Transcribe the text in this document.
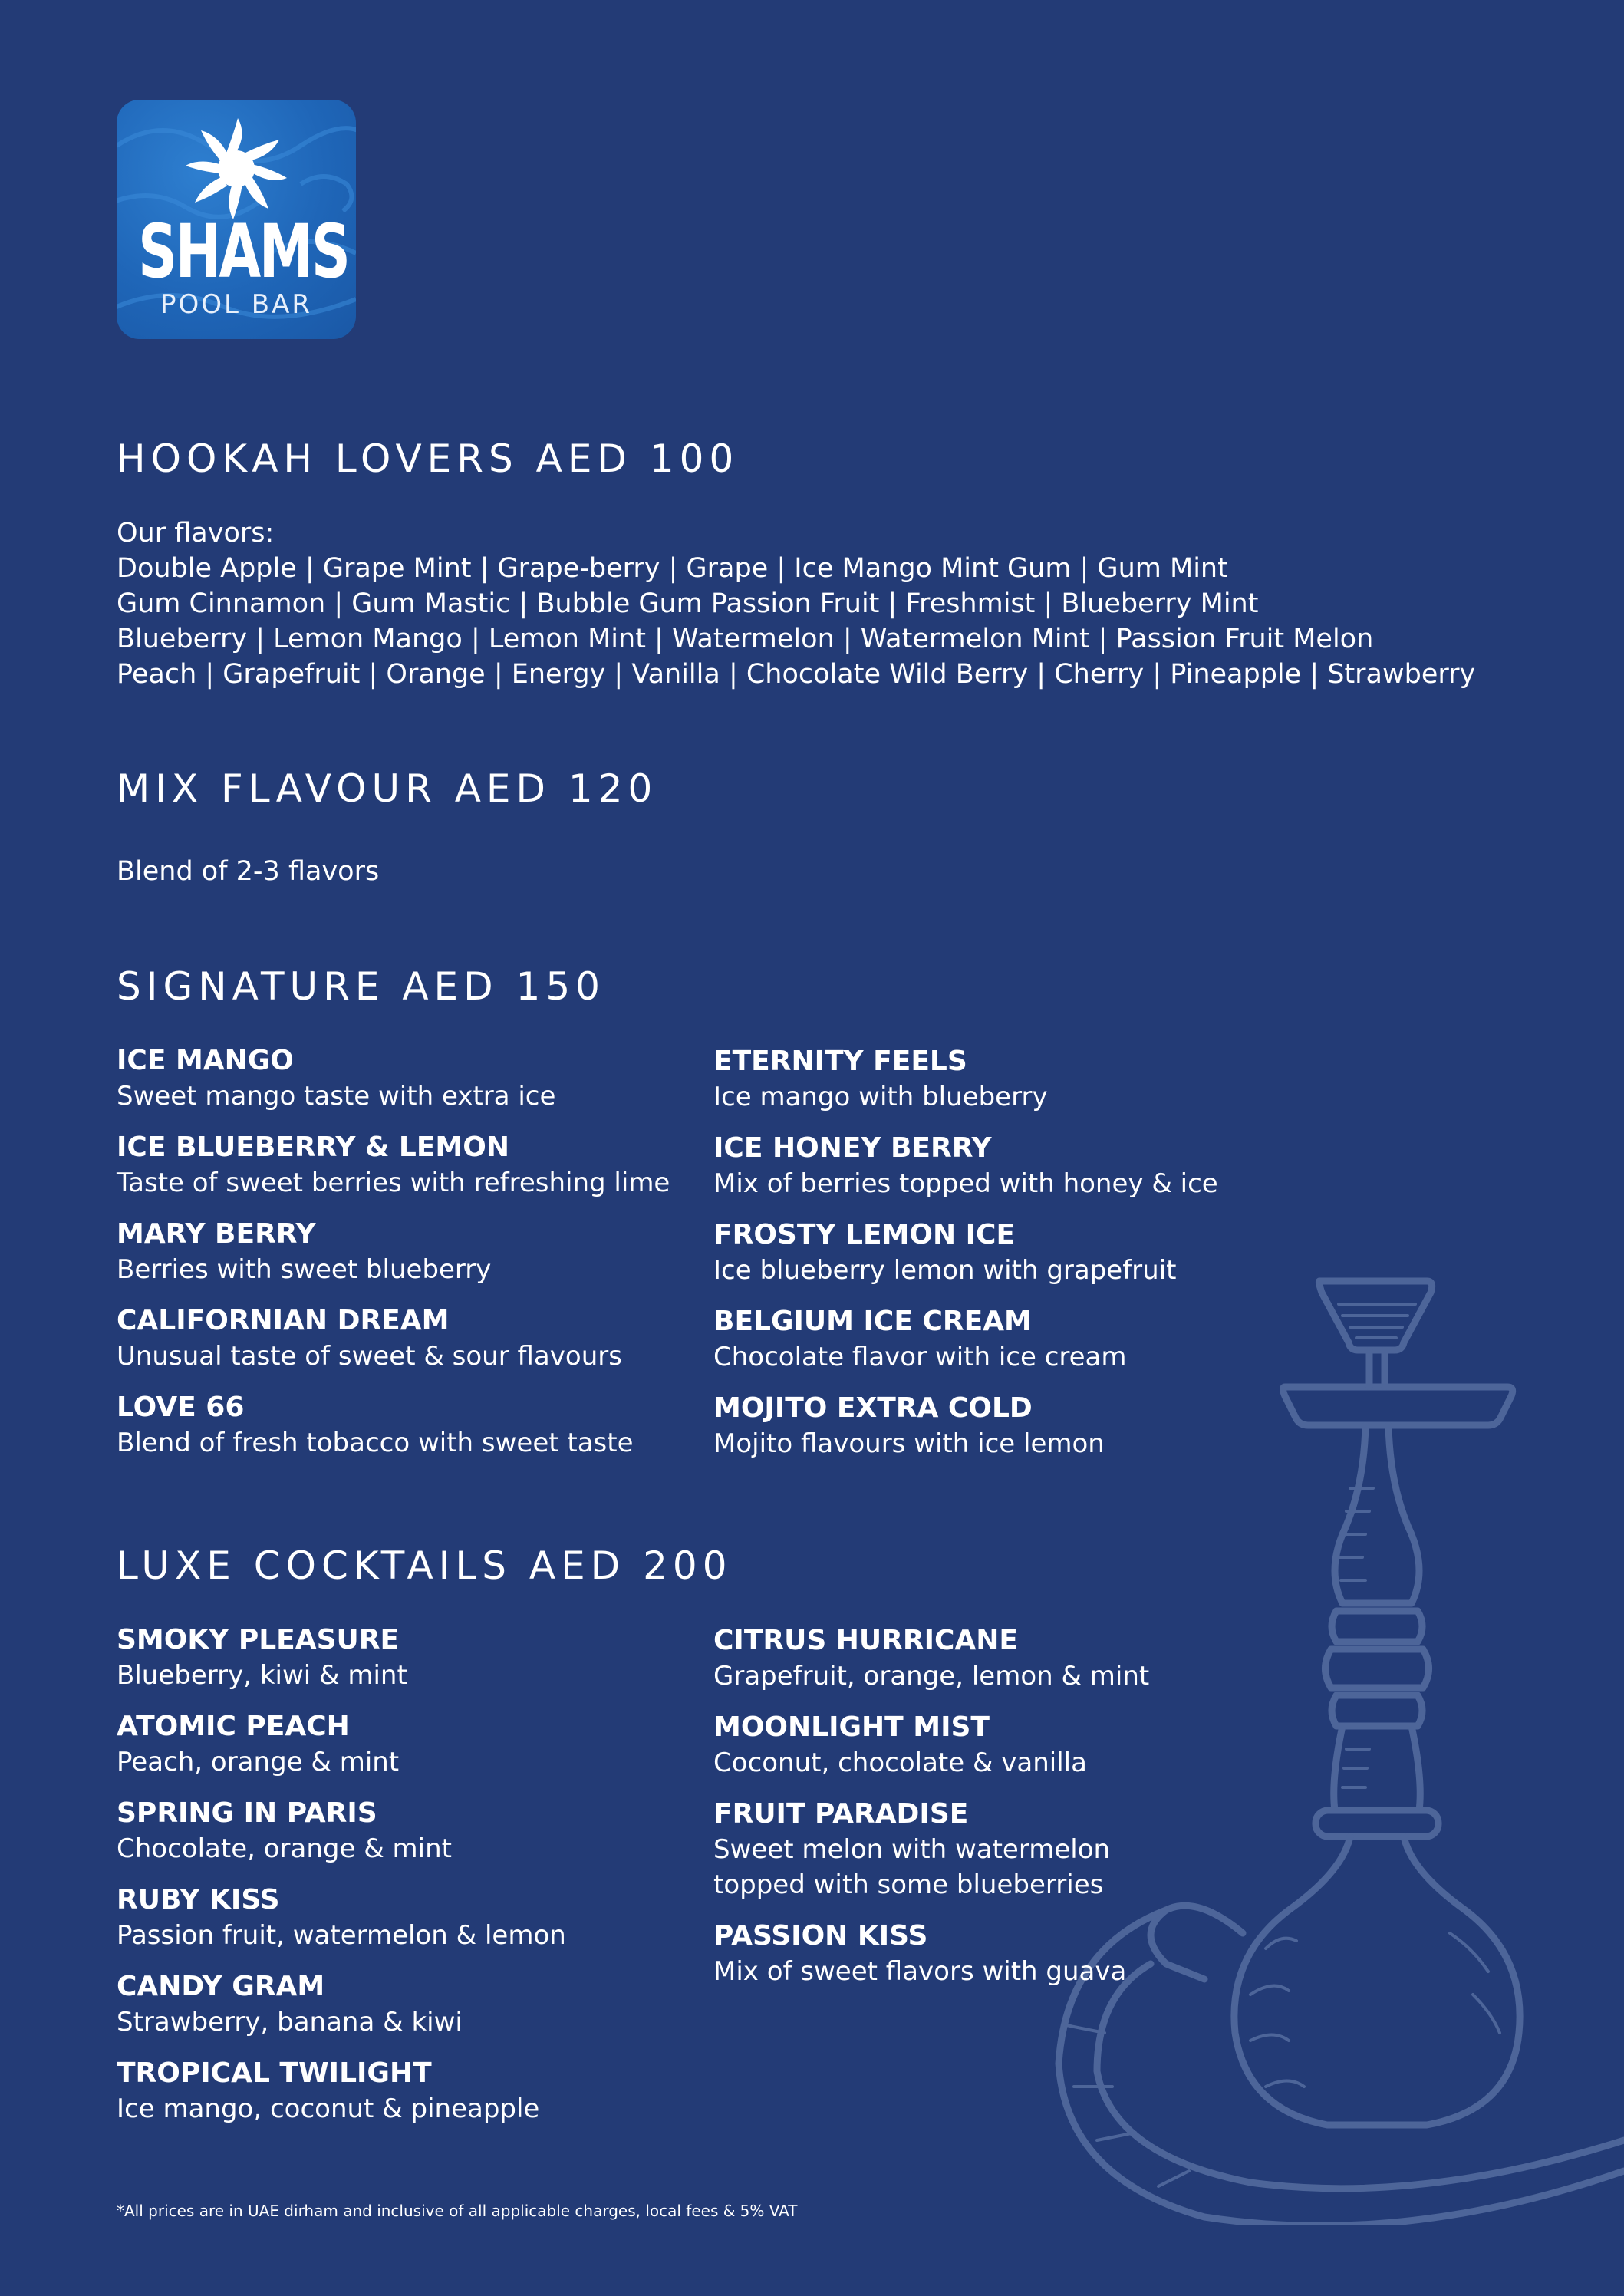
SHAMS
POOL BAR
HOOKAH LOVERS AED 100
Our flavors:
Double Apple | Grape Mint | Grape-berry | Grape | Ice Mango Mint Gum | Gum Mint
Gum Cinnamon | Gum Mastic | Bubble Gum Passion Fruit | Freshmist | Blueberry Mint
Blueberry | Lemon Mango | Lemon Mint | Watermelon | Watermelon Mint | Passion Fruit Melon
Peach | Grapefruit | Orange | Energy | Vanilla | Chocolate Wild Berry | Cherry | Pineapple | Strawberry
MIX FLAVOUR AED 120
Blend of 2-3 flavors
SIGNATURE AED 150
ICE MANGO
Sweet mango taste with extra ice
ICE BLUEBERRY & LEMON
Taste of sweet berries with refreshing lime
MARY BERRY
Berries with sweet blueberry
CALIFORNIAN DREAM
Unusual taste of sweet & sour flavours
LOVE 66
Blend of fresh tobacco with sweet taste
ETERNITY FEELS
Ice mango with blueberry
ICE HONEY BERRY
Mix of berries topped with honey & ice
FROSTY LEMON ICE
Ice blueberry lemon with grapefruit
BELGIUM ICE CREAM
Chocolate flavor with ice cream
MOJITO EXTRA COLD
Mojito flavours with ice lemon
LUXE COCKTAILS AED 200
SMOKY PLEASURE
Blueberry, kiwi & mint
ATOMIC PEACH
Peach, orange & mint
SPRING IN PARIS
Chocolate, orange & mint
RUBY KISS
Passion fruit, watermelon & lemon
CANDY GRAM
Strawberry, banana & kiwi
TROPICAL TWILIGHT
Ice mango, coconut & pineapple
CITRUS HURRICANE
Grapefruit, orange, lemon & mint
MOONLIGHT MIST
Coconut, chocolate & vanilla
FRUIT PARADISE
Sweet melon with watermelon
topped with some blueberries
PASSION KISS
Mix of sweet flavors with guava
*All prices are in UAE dirham and inclusive of all applicable charges, local fees & 5% VAT
